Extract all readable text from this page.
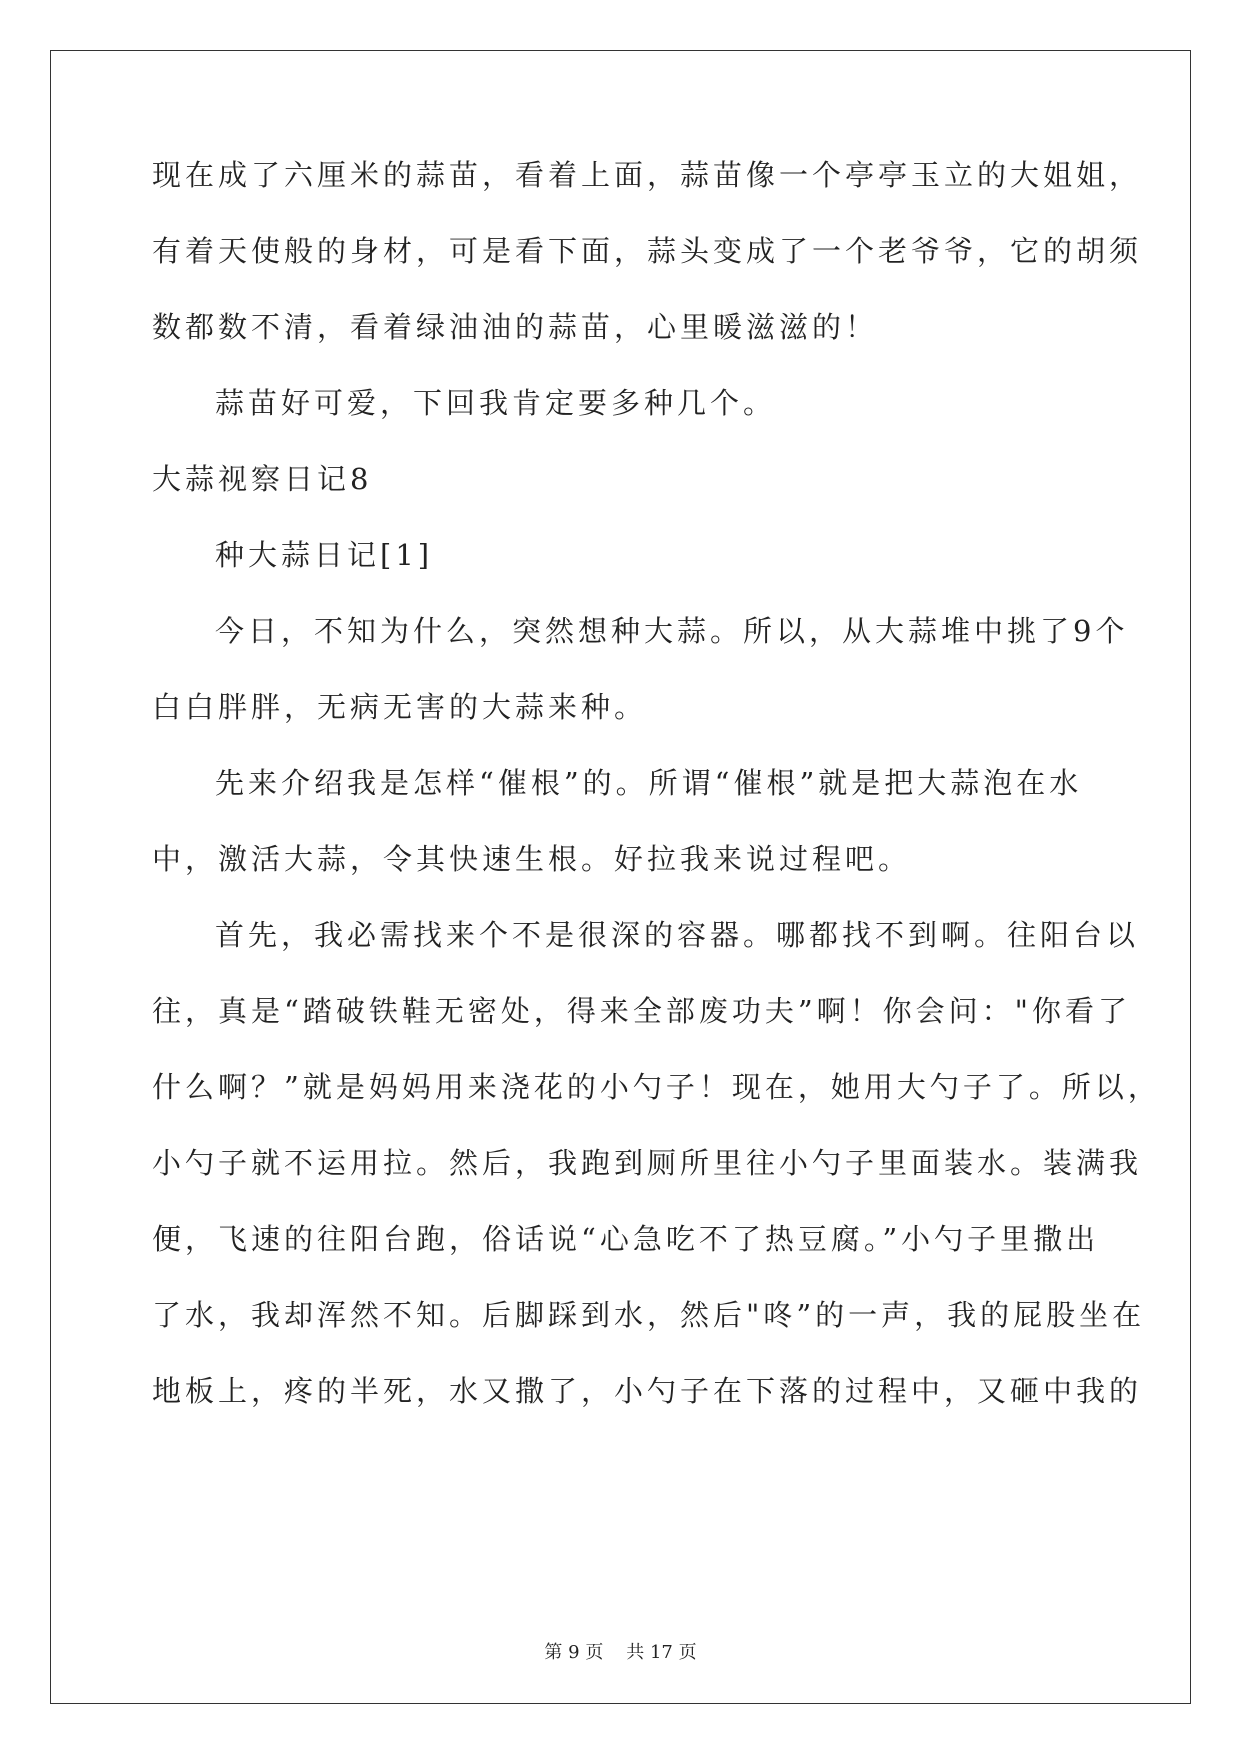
现在成了六厘米的蒜苗，看着上面，蒜苗像一个亭亭玉立的大姐姐，

有着天使般的身材，可是看下面，蒜头变成了一个老爷爷，它的胡须

数都数不清，看着绿油油的蒜苗，心里暖滋滋的！

蒜苗好可爱，下回我肯定要多种几个。

大蒜视察日记8

种大蒜日记[1]

今日，不知为什么，突然想种大蒜。所以，从大蒜堆中挑了9个

白白胖胖，无病无害的大蒜来种。

先来介绍我是怎样“催根”的。所谓“催根”就是把大蒜泡在水

中，激活大蒜，令其快速生根。好拉我来说过程吧。

首先，我必需找来个不是很深的容器。哪都找不到啊。往阳台以

往，真是“踏破铁鞋无密处，得来全部废功夫”啊！你会问："你看了

什么啊？”就是妈妈用来浇花的小勺子！现在，她用大勺子了。所以，

小勺子就不运用拉。然后，我跑到厕所里往小勺子里面装水。装满我

便，飞速的往阳台跑，俗话说“心急吃不了热豆腐。”小勺子里撒出

了水，我却浑然不知。后脚踩到水，然后"咚”的一声，我的屁股坐在

地板上，疼的半死，水又撒了，小勺子在下落的过程中，又砸中我的

第 9 页 共 17 页
